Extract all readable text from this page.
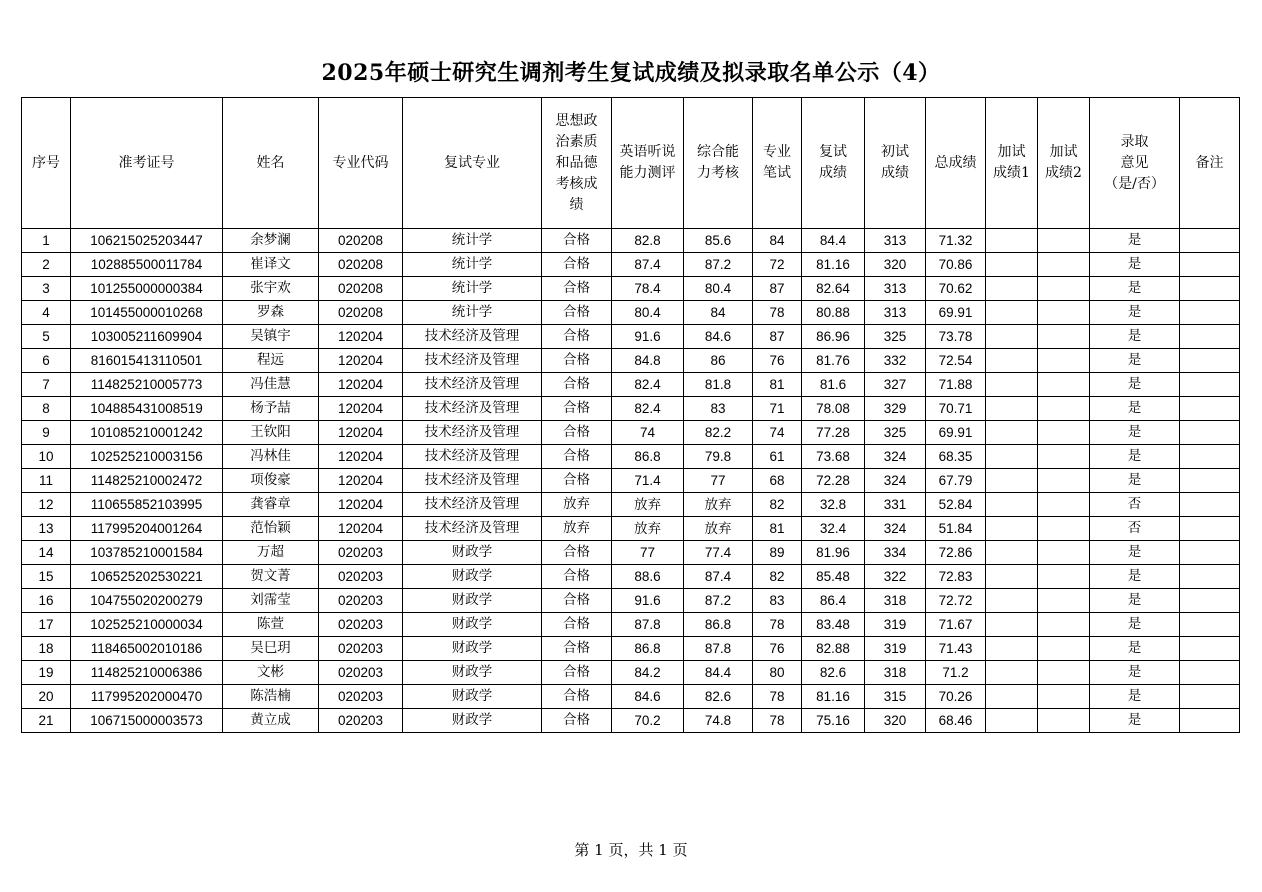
2025年硕士研究生调剂考生复试成绩及拟录取名单公示（4）
序号	准考证号	姓名	专业代码	复试专业	思想政
治素质
和品德
考核成
绩	英语听说
能力测评	综合能
力考核	专业
笔试	复试
成绩	初试
成绩	总成绩	加试
成绩1	加试
成绩2	录取
意见
（是/否）	备注
1	106215025203447	余梦澜	020208	统计学	合格	82.8	85.6	84	84.4	313	71.32			是	
2	102885500011784	崔译文	020208	统计学	合格	87.4	87.2	72	81.16	320	70.86			是	
3	101255000000384	张宇欢	020208	统计学	合格	78.4	80.4	87	82.64	313	70.62			是	
4	101455000010268	罗森	020208	统计学	合格	80.4	84	78	80.88	313	69.91			是	
5	103005211609904	吴镇宇	120204	技术经济及管理	合格	91.6	84.6	87	86.96	325	73.78			是	
6	816015413110501	程远	120204	技术经济及管理	合格	84.8	86	76	81.76	332	72.54			是	
7	114825210005773	冯佳慧	120204	技术经济及管理	合格	82.4	81.8	81	81.6	327	71.88			是	
8	104885431008519	杨予喆	120204	技术经济及管理	合格	82.4	83	71	78.08	329	70.71			是	
9	101085210001242	王钦阳	120204	技术经济及管理	合格	74	82.2	74	77.28	325	69.91			是	
10	102525210003156	冯林佳	120204	技术经济及管理	合格	86.8	79.8	61	73.68	324	68.35			是	
11	114825210002472	项俊豪	120204	技术经济及管理	合格	71.4	77	68	72.28	324	67.79			是	
12	110655852103995	龚睿章	120204	技术经济及管理	放弃	放弃	放弃	82	32.8	331	52.84			否	
13	117995204001264	范怡颖	120204	技术经济及管理	放弃	放弃	放弃	81	32.4	324	51.84			否	
14	103785210001584	万超	020203	财政学	合格	77	77.4	89	81.96	334	72.86			是	
15	106525202530221	贺文菁	020203	财政学	合格	88.6	87.4	82	85.48	322	72.83			是	
16	104755020200279	刘霈莹	020203	财政学	合格	91.6	87.2	83	86.4	318	72.72			是	
17	102525210000034	陈萱	020203	财政学	合格	87.8	86.8	78	83.48	319	71.67			是	
18	118465002010186	吴巳玥	020203	财政学	合格	86.8	87.8	76	82.88	319	71.43			是	
19	114825210006386	文彬	020203	财政学	合格	84.2	84.4	80	82.6	318	71.2			是	
20	117995202000470	陈浩楠	020203	财政学	合格	84.6	82.6	78	81.16	315	70.26			是	
21	106715000003573	黄立成	020203	财政学	合格	70.2	74.8	78	75.16	320	68.46			是	
第 1 页，共 1 页
